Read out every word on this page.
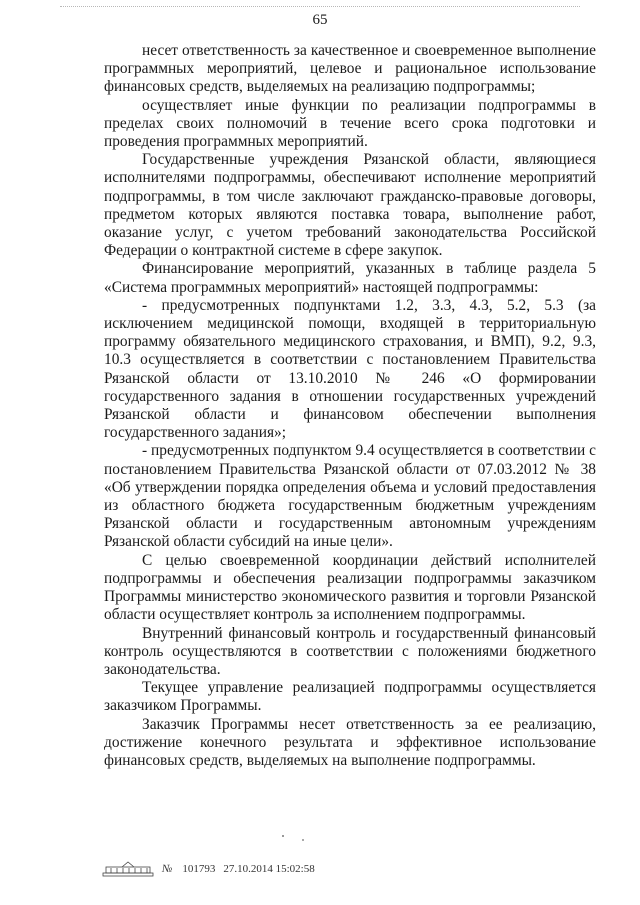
65

несет ответственность за качественное и своевременное выполнение программных мероприятий, целевое и рациональное использование финансовых средств, выделяемых на реализацию подпрограммы;

осуществляет иные функции по реализации подпрограммы в пределах своих полномочий в течение всего срока подготовки и проведения программных мероприятий.

Государственные учреждения Рязанской области, являющиеся исполнителями подпрограммы, обеспечивают исполнение мероприятий подпрограммы, в том числе заключают гражданско-правовые договоры, предметом которых являются поставка товара, выполнение работ, оказание услуг, с учетом требований законодательства Российской Федерации о контрактной системе в сфере закупок.

Финансирование мероприятий, указанных в таблице раздела 5 «Система программных мероприятий» настоящей подпрограммы:

- предусмотренных подпунктами 1.2, 3.3, 4.3, 5.2, 5.3 (за исключением медицинской помощи, входящей в территориальную программу обязательного медицинского страхования, и ВМП), 9.2, 9.3, 10.3 осуществляется в соответствии с постановлением Правительства Рязанской области от 13.10.2010 № 246 «О формировании государственного задания в отношении государственных учреждений Рязанской области и финансовом обеспечении выполнения государственного задания»;

- предусмотренных подпунктом 9.4 осуществляется в соответствии с постановлением Правительства Рязанской области от 07.03.2012 № 38 «Об утверждении порядка определения объема и условий предоставления из областного бюджета государственным бюджетным учреждениям Рязанской области и государственным автономным учреждениям Рязанской области субсидий на иные цели».

С целью своевременной координации действий исполнителей подпрограммы и обеспечения реализации подпрограммы заказчиком Программы министерство экономического развития и торговли Рязанской области осуществляет контроль за исполнением подпрограммы.

Внутренний финансовый контроль и государственный финансовый контроль осуществляются в соответствии с положениями бюджетного законодательства.

Текущее управление реализацией подпрограммы осуществляется заказчиком Программы.

Заказчик Программы несет ответственность за ее реализацию, достижение конечного результата и эффективное использование финансовых средств, выделяемых на выполнение подпрограммы.

№ 101793 27.10.2014 15:02:58
